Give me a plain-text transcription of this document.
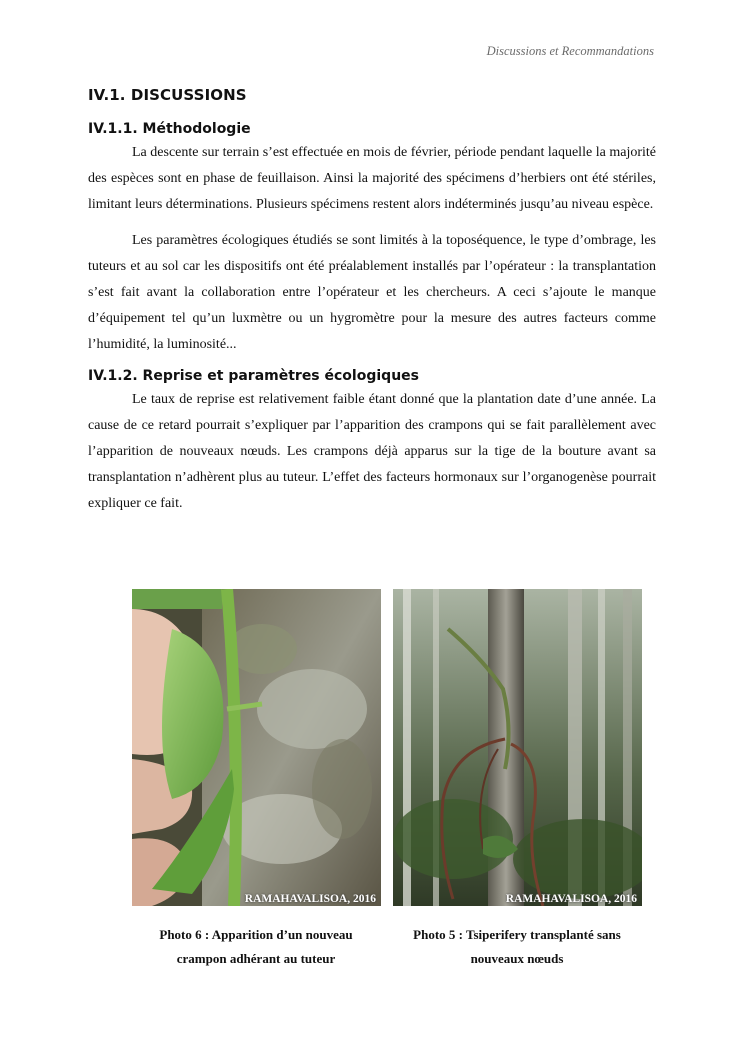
Discussions et Recommandations
IV.1. DISCUSSIONS
IV.1.1. Méthodologie

La descente sur terrain s’est effectuée en mois de février, période pendant laquelle la majorité des espèces sont en phase de feuillaison. Ainsi la majorité des spécimens d’herbiers ont été stériles, limitant leurs déterminations. Plusieurs spécimens restent alors indéterminés jusqu’au niveau espèce.

Les paramètres écologiques étudiés se sont limités à la toposéquence, le type d’ombrage, les tuteurs et au sol car les dispositifs ont été préalablement installés par l’opérateur : la transplantation s’est fait avant la collaboration entre l’opérateur et les chercheurs. A ceci s’ajoute le manque d’équipement tel qu’un luxmètre ou un hygromètre pour la mesure des autres facteurs comme l’humidité, la luminosité...

IV.1.2. Reprise et paramètres écologiques

Le taux de reprise est relativement faible étant donné que la plantation date d’une année. La cause de ce retard pourrait s’expliquer par l’apparition des crampons qui se fait parallèlement avec l’apparition de nouveaux nœuds. Les crampons déjà apparus sur la tige de la bouture avant sa transplantation n’adhèrent plus au tuteur. L’effet des facteurs hormonaux sur l’organogenèse pourrait expliquer ce fait.

RAMAHAVALISOA, 2016	RAMAHAVALISOA, 2016
Photo 6 : Apparition d’un nouveau
crampon adhérant au tuteur
Photo 5 : Tsiperifery transplanté sans
nouveaux nœuds
